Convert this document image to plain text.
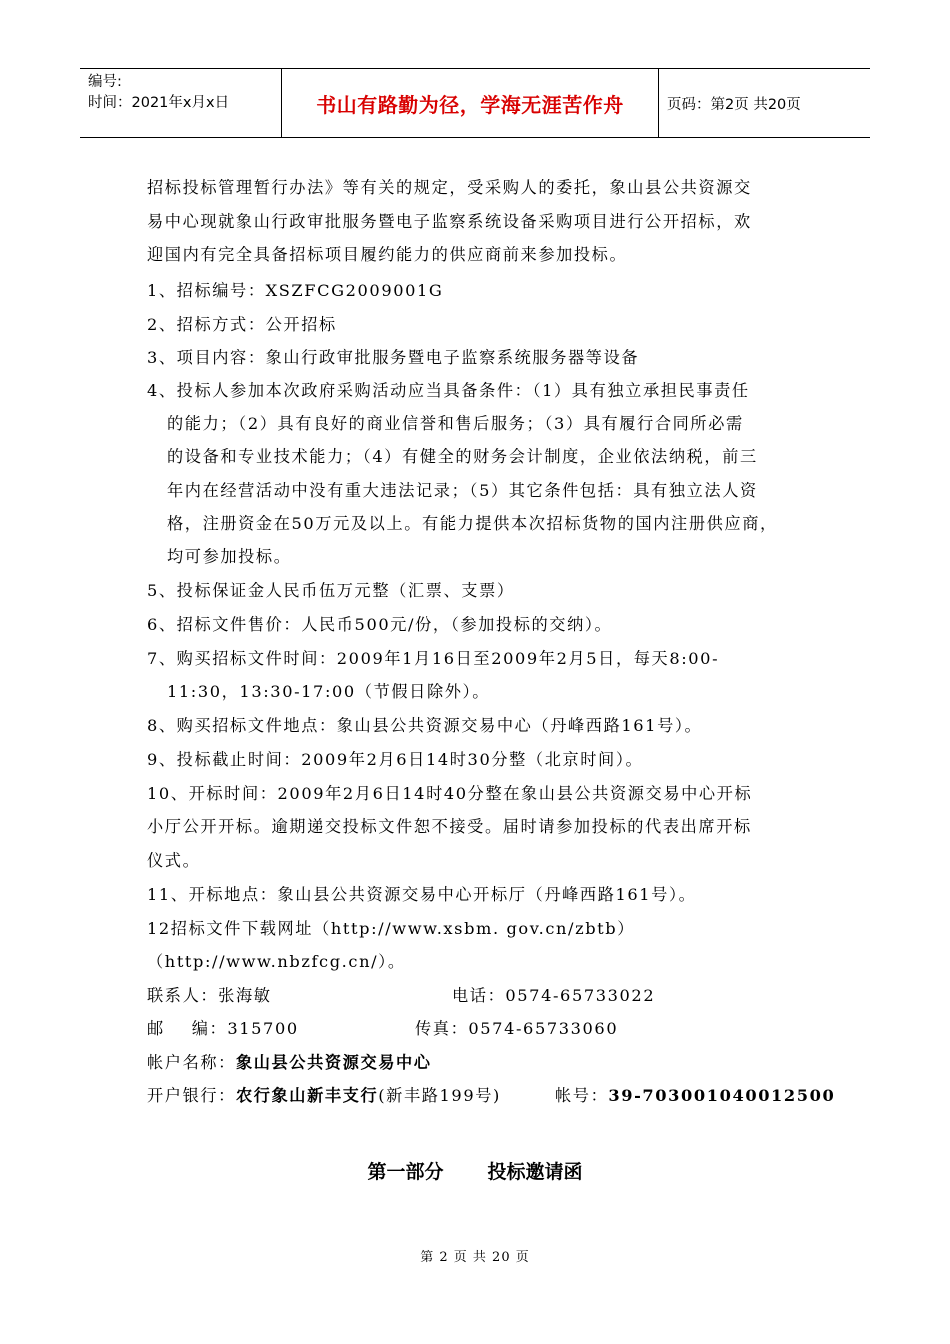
编号:
时间：2021年x月x日	书山有路勤为径，学海无涯苦作舟	页码：第2页 共20页
招标投标管理暂行办法》等有关的规定，受采购人的委托，象山县公共资源交
易中心现就象山行政审批服务暨电子监察系统设备采购项目进行公开招标，欢
迎国内有完全具备招标项目履约能力的供应商前来参加投标。
1、招标编号：XSZFCG2009001G
2、招标方式：公开招标
3、项目内容：象山行政审批服务暨电子监察系统服务器等设备
4、投标人参加本次政府采购活动应当具备条件：（1）具有独立承担民事责任
的能力；（2）具有良好的商业信誉和售后服务；（3）具有履行合同所必需
的设备和专业技术能力；（4）有健全的财务会计制度，企业依法纳税，前三
年内在经营活动中没有重大违法记录；（5）其它条件包括：具有独立法人资
格，注册资金在50万元及以上。有能力提供本次招标货物的国内注册供应商，
均可参加投标。
5、投标保证金人民币伍万元整（汇票、支票）
6、招标文件售价：人民币500元/份，（参加投标的交纳）。
7、购买招标文件时间：2009年1月16日至2009年2月5日，每天8:00-
11:30，13:30-17:00（节假日除外）。
8、购买招标文件地点：象山县公共资源交易中心（丹峰西路161号）。
9、投标截止时间：2009年2月6日14时30分整（北京时间）。
10、开标时间：2009年2月6日14时40分整在象山县公共资源交易中心开标
小厅公开开标。逾期递交投标文件恕不接受。届时请参加投标的代表出席开标
仪式。
11、开标地点：象山县公共资源交易中心开标厅（丹峰西路161号）。
12招标文件下载网址（http://www.xsbm. gov.cn/zbtb）
（http://www.nbzfcg.cn/）。
联系人：张海敏	电话：0574-65733022
邮    编：315700	传真：0574-65733060
帐户名称：象山县公共资源交易中心
开户银行：农行象山新丰支行(新丰路199号)	帐号：39-703001040012500
第一部分 投标邀请函
第 2 页 共 20 页
